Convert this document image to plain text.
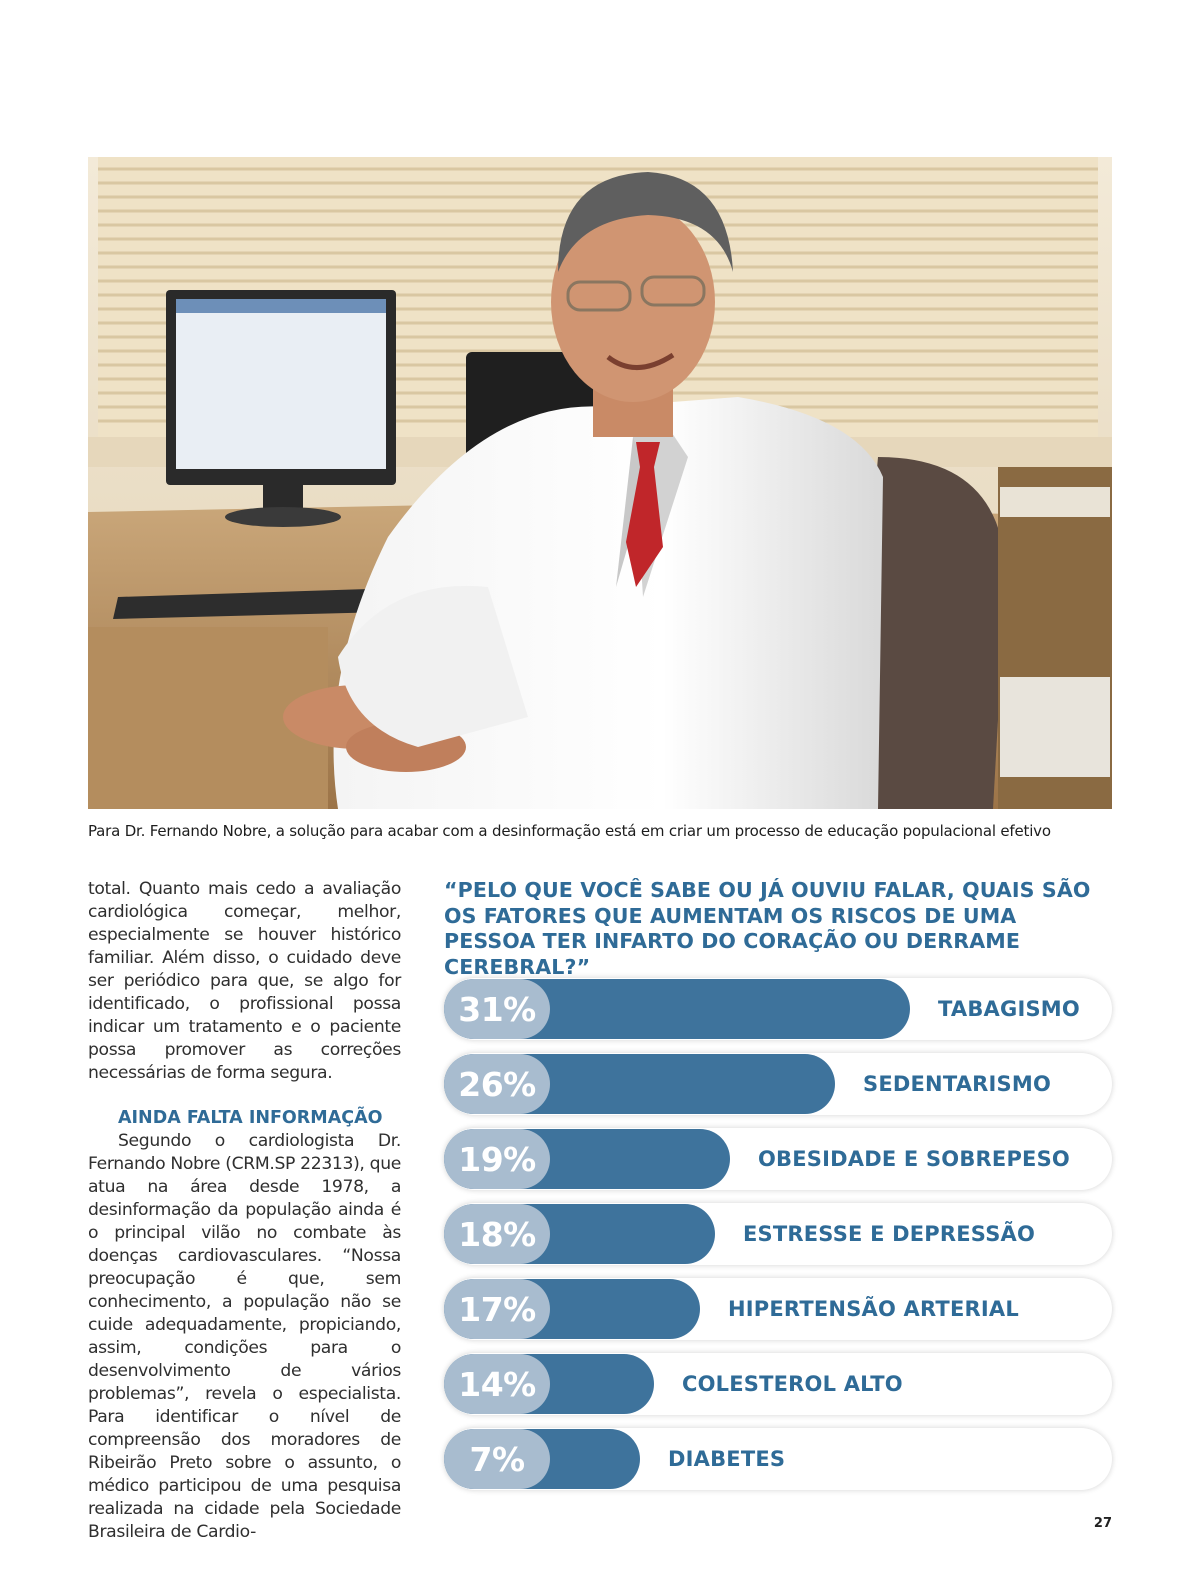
Para Dr. Fernando Nobre, a solução para acabar com a desinformação está em criar um processo de educação populacional efetivo

total. Quanto mais cedo a avaliação cardiológica começar, melhor, especialmente se houver histórico familiar. Além disso, o cuidado deve ser periódico para que, se algo for identificado, o profissional possa indicar um tratamento e o paciente possa promover as correções necessárias de forma segura.

AINDA FALTA INFORMAÇÃO

Segundo o cardiologista Dr. Fernando Nobre (CRM.SP 22313), que atua na área desde 1978, a desinformação da população ainda é o principal vilão no combate às doenças cardiovasculares. “Nossa preocupação é que, sem conhecimento, a população não se cuide adequadamente, propiciando, assim, condições para o desenvolvimento de vários problemas”, revela o especialista. Para identificar o nível de compreensão dos moradores de Ribeirão Preto sobre o assunto, o médico participou de uma pesquisa realizada na cidade pela Sociedade Brasileira de Cardio-

“PELO QUE VOCÊ SABE OU JÁ OUVIU FALAR, QUAIS SÃO OS FATORES QUE AUMENTAM OS RISCOS DE UMA PESSOA TER INFARTO DO CORAÇÃO OU DERRAME CEREBRAL?”
31%	TABAGISMO
26%	SEDENTARISMO
19%	OBESIDADE E SOBREPESO
18%	ESTRESSE E DEPRESSÃO
17%	HIPERTENSÃO ARTERIAL
14%	COLESTEROL ALTO
7%	DIABETES
27
